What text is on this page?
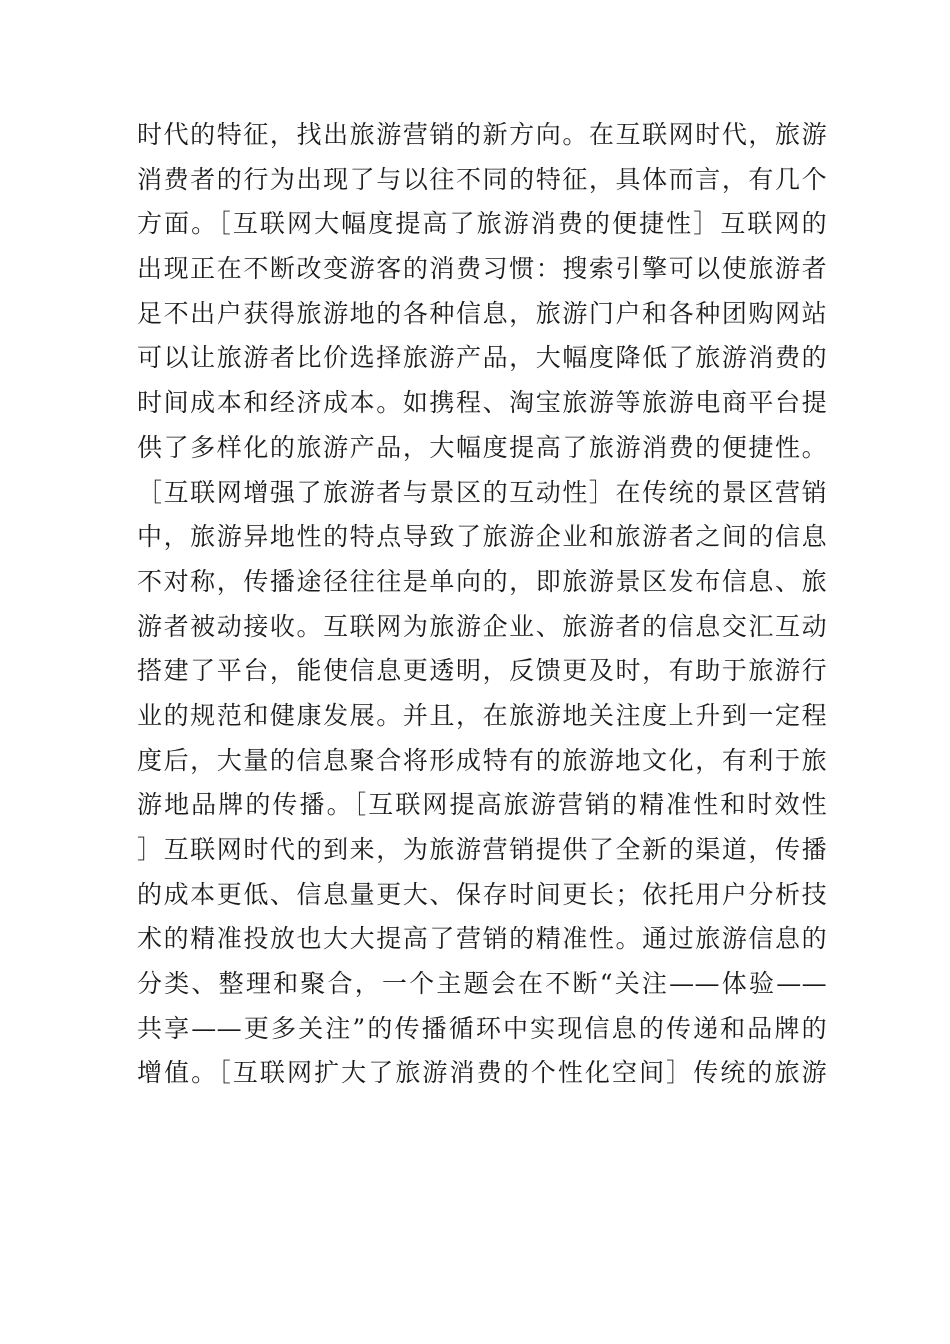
时代的特征，找出旅游营销的新方向。在互联网时代，旅游
消费者的行为出现了与以往不同的特征，具体而言，有几个
方面。［互联网大幅度提高了旅游消费的便捷性］互联网的
出现正在不断改变游客的消费习惯：搜索引擎可以使旅游者
足不出户获得旅游地的各种信息，旅游门户和各种团购网站
可以让旅游者比价选择旅游产品，大幅度降低了旅游消费的
时间成本和经济成本。如携程、淘宝旅游等旅游电商平台提
供了多样化的旅游产品，大幅度提高了旅游消费的便捷性。
［互联网增强了旅游者与景区的互动性］在传统的景区营销
中，旅游异地性的特点导致了旅游企业和旅游者之间的信息
不对称，传播途径往往是单向的，即旅游景区发布信息、旅
游者被动接收。互联网为旅游企业、旅游者的信息交汇互动
搭建了平台，能使信息更透明，反馈更及时，有助于旅游行
业的规范和健康发展。并且，在旅游地关注度上升到一定程
度后，大量的信息聚合将形成特有的旅游地文化，有利于旅
游地品牌的传播。［互联网提高旅游营销的精准性和时效性
］互联网时代的到来，为旅游营销提供了全新的渠道，传播
的成本更低、信息量更大、保存时间更长；依托用户分析技
术的精准投放也大大提高了营销的精准性。通过旅游信息的
分类、整理和聚合，一个主题会在不断“关注——体验——
共享——更多关注”的传播循环中实现信息的传递和品牌的
增值。［互联网扩大了旅游消费的个性化空间］传统的旅游
